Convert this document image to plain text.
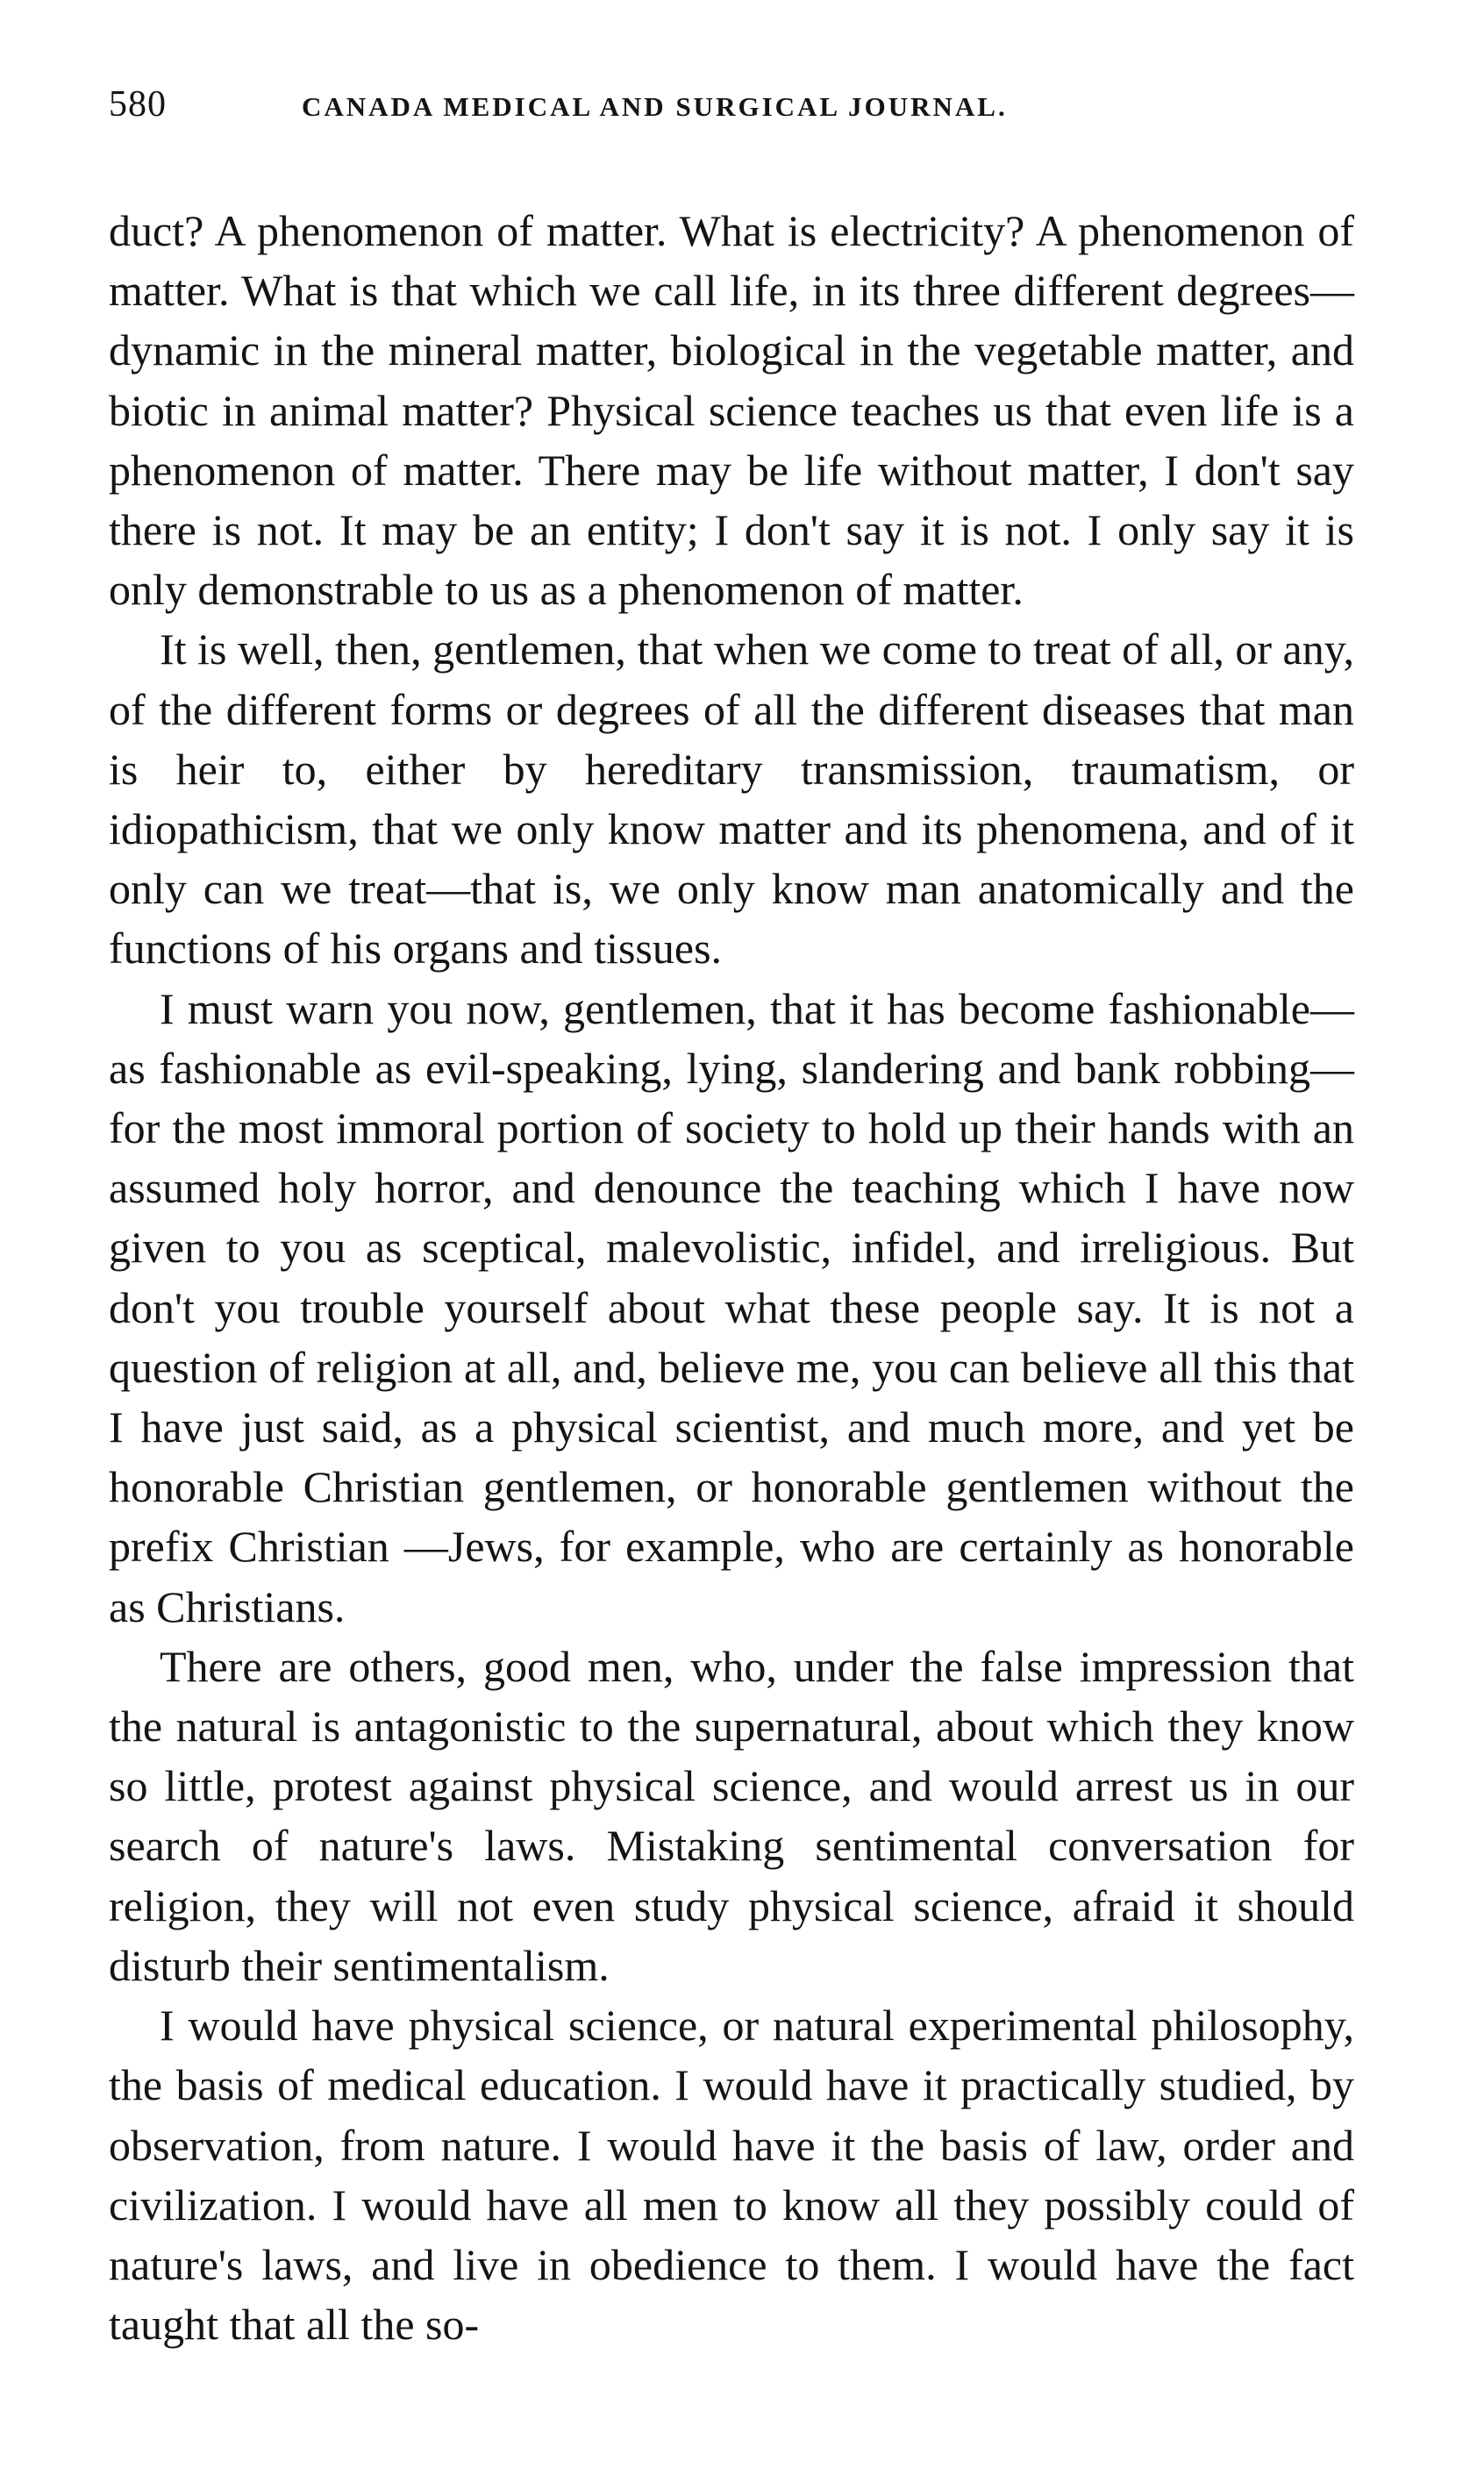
580	CANADA MEDICAL AND SURGICAL JOURNAL.

duct? A phenomenon of matter. What is electricity? A phenomenon of matter. What is that which we call life, in its three different degrees—dynamic in the mineral matter, biological in the vegetable matter, and biotic in animal matter? Physical science teaches us that even life is a phenomenon of matter. There may be life without matter, I don't say there is not. It may be an entity; I don't say it is not. I only say it is only demonstrable to us as a phenomenon of matter.

It is well, then, gentlemen, that when we come to treat of all, or any, of the different forms or degrees of all the different diseases that man is heir to, either by hereditary transmission, traumatism, or idiopathicism, that we only know matter and its phenomena, and of it only can we treat—that is, we only know man anatomically and the functions of his organs and tissues.

I must warn you now, gentlemen, that it has become fashionable—as fashionable as evil-speaking, lying, slandering and bank robbing—for the most immoral portion of society to hold up their hands with an assumed holy horror, and denounce the teaching which I have now given to you as sceptical, malevolistic, infidel, and irreligious. But don't you trouble yourself about what these people say. It is not a question of religion at all, and, believe me, you can believe all this that I have just said, as a physical scientist, and much more, and yet be honorable Christian gentlemen, or honorable gentlemen without the prefix Christian —Jews, for example, who are certainly as honorable as Christians.

There are others, good men, who, under the false impression that the natural is antagonistic to the supernatural, about which they know so little, protest against physical science, and would arrest us in our search of nature's laws. Mistaking sentimental conversation for religion, they will not even study physical science, afraid it should disturb their sentimentalism.

I would have physical science, or natural experimental philosophy, the basis of medical education. I would have it practically studied, by observation, from nature. I would have it the basis of law, order and civilization. I would have all men to know all they possibly could of nature's laws, and live in obedience to them. I would have the fact taught that all the so-
